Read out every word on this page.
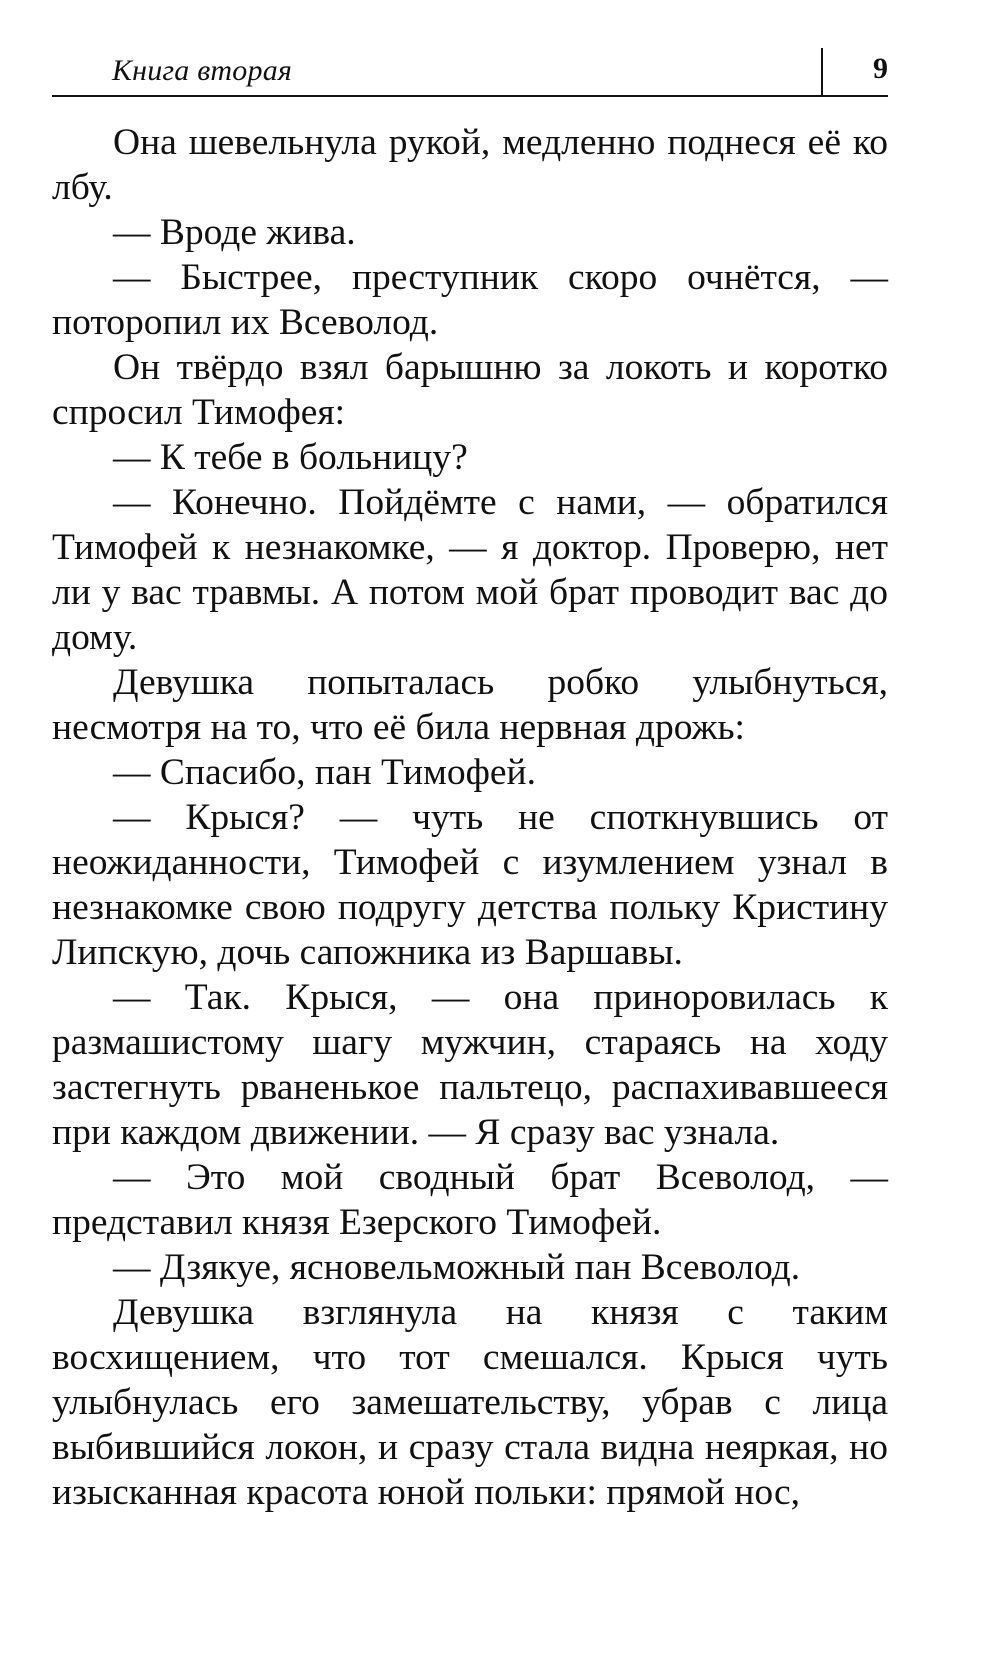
Книга вторая	9

Она шевельнула рукой, медленно поднеся её ко лбу.

— Вроде жива.

— Быстрее, преступник скоро очнётся, — поторопил их Всеволод.

Он твёрдо взял барышню за локоть и коротко спросил Тимофея:

— К тебе в больницу?

— Конечно. Пойдёмте с нами, — обратился Тимофей к незнакомке, — я доктор. Проверю, нет ли у вас травмы. А потом мой брат проводит вас до дому.

Девушка попыталась робко улыбнуться, несмотря на то, что её била нервная дрожь:

— Спасибо, пан Тимофей.

— Крыся? — чуть не споткнувшись от неожиданности, Тимофей с изумлением узнал в незнакомке свою подругу детства польку Кристину Липскую, дочь сапожника из Варшавы.

— Так. Крыся, — она приноровилась к размашистому шагу мужчин, стараясь на ходу застегнуть рваненькое пальтецо, распахивавшееся при каждом движении. — Я сразу вас узнала.

— Это мой сводный брат Всеволод, — представил князя Езерского Тимофей.

— Дзякуе, ясновельможный пан Всеволод.

Девушка взглянула на князя с таким восхищением, что тот смешался. Крыся чуть улыбнулась его замешательству, убрав с лица выбившийся локон, и сразу стала видна неяркая, но изысканная красота юной польки: прямой нос,
